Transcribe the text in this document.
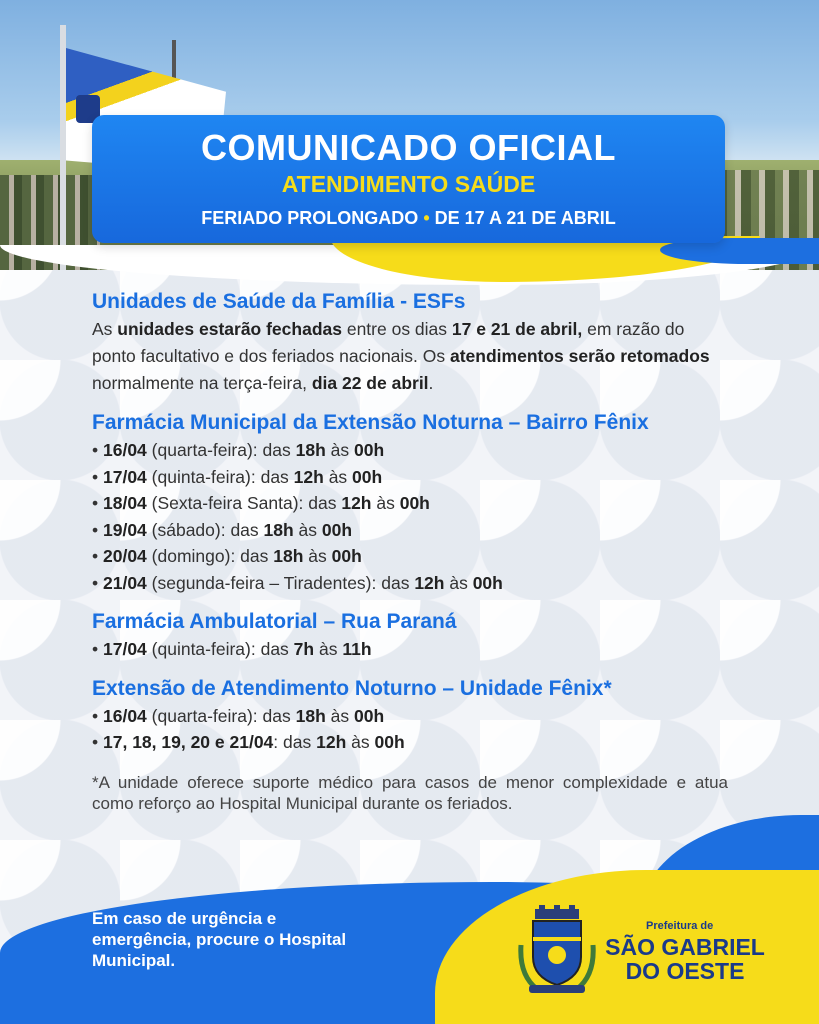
COMUNICADO OFICIAL
ATENDIMENTO SAÚDE
FERIADO PROLONGADO • DE 17 A 21 DE ABRIL
Unidades de Saúde da Família - ESFs

As unidades estarão fechadas entre os dias 17 e 21 de abril, em razão do ponto facultativo e dos feriados nacionais. Os atendimentos serão retomados normalmente na terça-feira, dia 22 de abril.

Farmácia Municipal da Extensão Noturna – Bairro Fênix
• 16/04 (quarta-feira): das 18h às 00h
• 17/04 (quinta-feira): das 12h às 00h
• 18/04 (Sexta-feira Santa): das 12h às 00h
• 19/04 (sábado): das 18h às 00h
• 20/04 (domingo): das 18h às 00h
• 21/04 (segunda-feira – Tiradentes): das 12h às 00h
Farmácia Ambulatorial – Rua Paraná
• 17/04 (quinta-feira): das 7h às 11h
Extensão de Atendimento Noturno – Unidade Fênix*
• 16/04 (quarta-feira): das 18h às 00h
• 17, 18, 19, 20 e 21/04: das 12h às 00h

*A unidade oferece suporte médico para casos de menor complexidade e atua como reforço ao Hospital Municipal durante os feriados.

Em caso de urgência e emergência, procure o Hospital Municipal.
Prefeitura de
SÃO GABRIEL
DO OESTE
